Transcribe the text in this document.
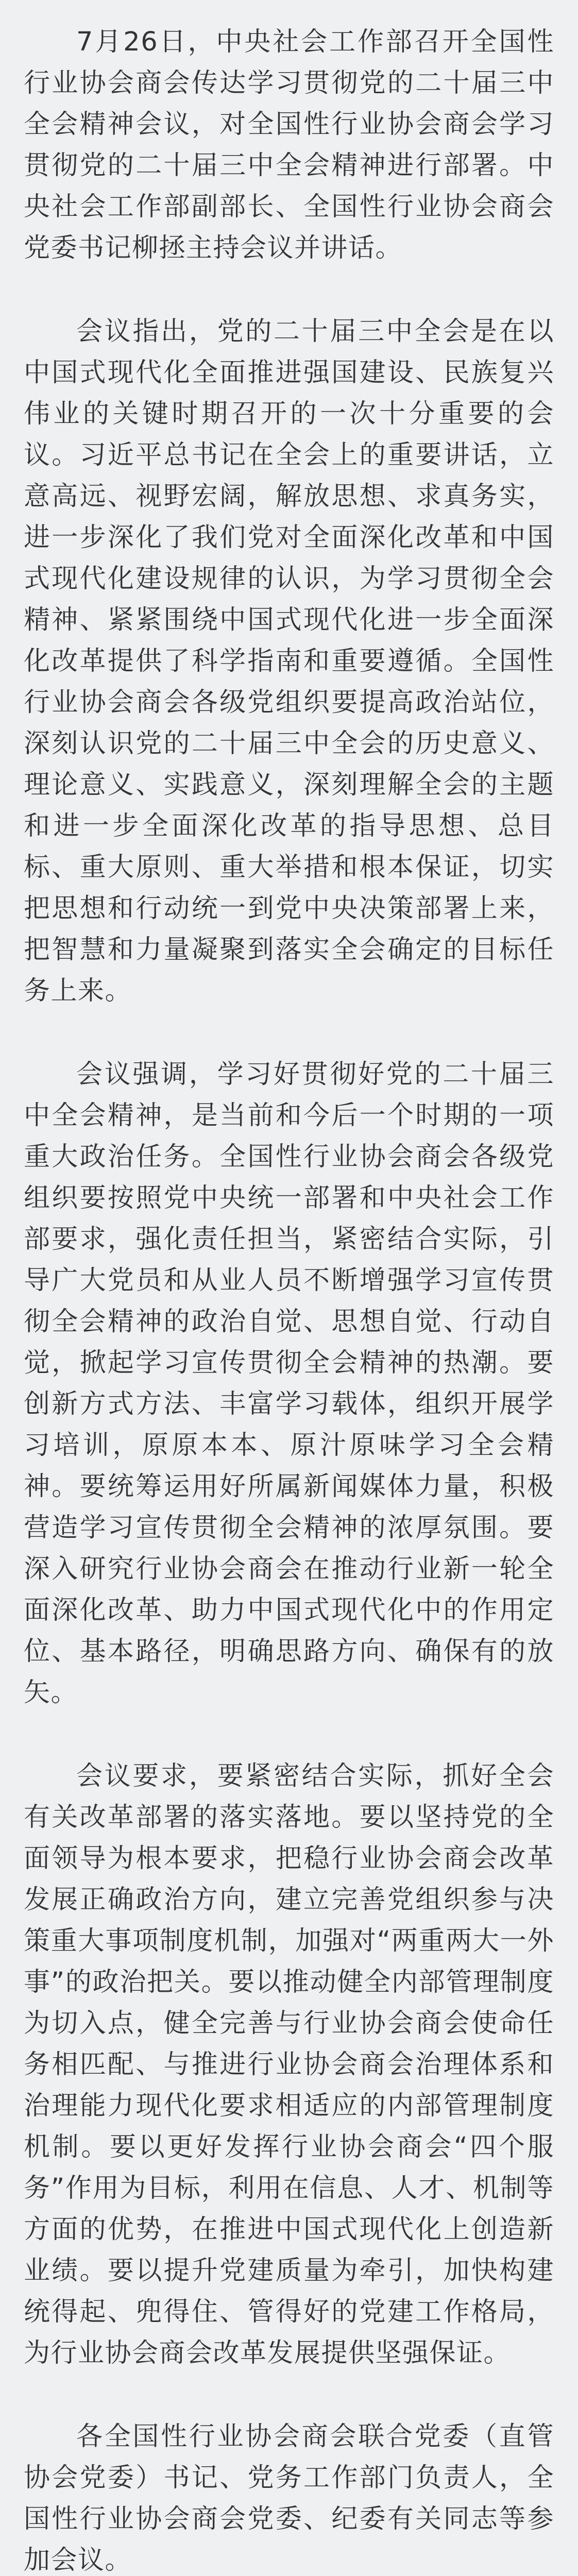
7月26日，中央社会工作部召开全国性行业协会商会传达学习贯彻党的二十届三中全会精神会议，对全国性行业协会商会学习贯彻党的二十届三中全会精神进行部署。中央社会工作部副部长、全国性行业协会商会党委书记柳拯主持会议并讲话。

会议指出，党的二十届三中全会是在以中国式现代化全面推进强国建设、民族复兴伟业的关键时期召开的一次十分重要的会议。习近平总书记在全会上的重要讲话，立意高远、视野宏阔，解放思想、求真务实，进一步深化了我们党对全面深化改革和中国式现代化建设规律的认识，为学习贯彻全会精神、紧紧围绕中国式现代化进一步全面深化改革提供了科学指南和重要遵循。全国性行业协会商会各级党组织要提高政治站位，深刻认识党的二十届三中全会的历史意义、理论意义、实践意义，深刻理解全会的主题和进一步全面深化改革的指导思想、总目标、重大原则、重大举措和根本保证，切实把思想和行动统一到党中央决策部署上来，把智慧和力量凝聚到落实全会确定的目标任务上来。

会议强调，学习好贯彻好党的二十届三中全会精神，是当前和今后一个时期的一项重大政治任务。全国性行业协会商会各级党组织要按照党中央统一部署和中央社会工作部要求，强化责任担当，紧密结合实际，引导广大党员和从业人员不断增强学习宣传贯彻全会精神的政治自觉、思想自觉、行动自觉，掀起学习宣传贯彻全会精神的热潮。要创新方式方法、丰富学习载体，组织开展学习培训，原原本本、原汁原味学习全会精神。要统筹运用好所属新闻媒体力量，积极营造学习宣传贯彻全会精神的浓厚氛围。要深入研究行业协会商会在推动行业新一轮全面深化改革、助力中国式现代化中的作用定位、基本路径，明确思路方向、确保有的放矢。

会议要求，要紧密结合实际，抓好全会有关改革部署的落实落地。要以坚持党的全面领导为根本要求，把稳行业协会商会改革发展正确政治方向，建立完善党组织参与决策重大事项制度机制，加强对“两重两大一外事”的政治把关。要以推动健全内部管理制度为切入点，健全完善与行业协会商会使命任务相匹配、与推进行业协会商会治理体系和治理能力现代化要求相适应的内部管理制度机制。要以更好发挥行业协会商会“四个服务”作用为目标，利用在信息、人才、机制等方面的优势，在推进中国式现代化上创造新业绩。要以提升党建质量为牵引，加快构建统得起、兜得住、管得好的党建工作格局，为行业协会商会改革发展提供坚强保证。

各全国性行业协会商会联合党委（直管协会党委）书记、党务工作部门负责人，全国性行业协会商会党委、纪委有关同志等参加会议。
